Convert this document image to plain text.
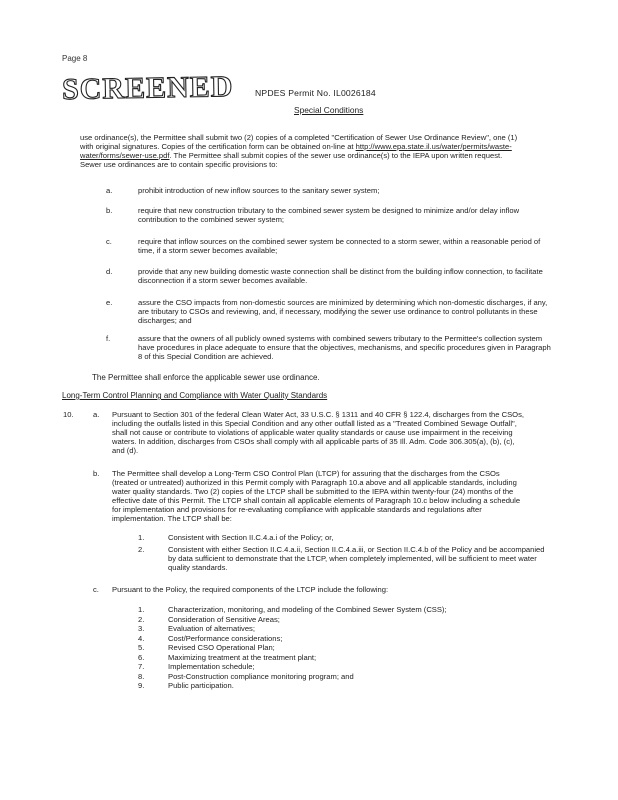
Page 8
SCREENED NPDES Permit No. IL0026184
Special Conditions
use ordinance(s), the Permittee shall submit two (2) copies of a completed "Certification of Sewer Use Ordinance Review", one (1)
with original signatures. Copies of the certification form can be obtained on-line at http://www.epa.state.il.us/water/permits/waste-
water/forms/sewer-use.pdf. The Permittee shall submit copies of the sewer use ordinance(s) to the IEPA upon written request.
Sewer use ordinances are to contain specific provisions to:
a.	prohibit introduction of new inflow sources to the sanitary sewer system;
b.	require that new construction tributary to the combined sewer system be designed to minimize and/or delay inflow
contribution to the combined sewer system;
c.	require that inflow sources on the combined sewer system be connected to a storm sewer, within a reasonable period of
time, if a storm sewer becomes available;
d.	provide that any new building domestic waste connection shall be distinct from the building inflow connection, to facilitate
disconnection if a storm sewer becomes available.
e.	assure the CSO impacts from non-domestic sources are minimized by determining which non-domestic discharges, if any,
are tributary to CSOs and reviewing, and, if necessary, modifying the sewer use ordinance to control pollutants in these
discharges; and
f.	assure that the owners of all publicly owned systems with combined sewers tributary to the Permittee's collection system
have procedures in place adequate to ensure that the objectives, mechanisms, and specific procedures given in Paragraph
8 of this Special Condition are achieved.
The Permittee shall enforce the applicable sewer use ordinance.
Long-Term Control Planning and Compliance with Water Quality Standards
10.	a.	Pursuant to Section 301 of the federal Clean Water Act, 33 U.S.C. § 1311 and 40 CFR § 122.4, discharges from the CSOs,
including the outfalls listed in this Special Condition and any other outfall listed as a "Treated Combined Sewage Outfall",
shall not cause or contribute to violations of applicable water quality standards or cause use impairment in the receiving
waters. In addition, discharges from CSOs shall comply with all applicable parts of 35 Ill. Adm. Code 306.305(a), (b), (c),
and (d).
b.	The Permittee shall develop a Long-Term CSO Control Plan (LTCP) for assuring that the discharges from the CSOs
(treated or untreated) authorized in this Permit comply with Paragraph 10.a above and all applicable standards, including
water quality standards. Two (2) copies of the LTCP shall be submitted to the IEPA within twenty-four (24) months of the
effective date of this Permit. The LTCP shall contain all applicable elements of Paragraph 10.c below including a schedule
for implementation and provisions for re-evaluating compliance with applicable standards and regulations after
implementation. The LTCP shall be:
1.	Consistent with Section II.C.4.a.i of the Policy; or,
2.	Consistent with either Section II.C.4.a.ii, Section II.C.4.a.iii, or Section II.C.4.b of the Policy and be accompanied
by data sufficient to demonstrate that the LTCP, when completely implemented, will be sufficient to meet water
quality standards.
c.	Pursuant to the Policy, the required components of the LTCP include the following:
1.	Characterization, monitoring, and modeling of the Combined Sewer System (CSS);
2.	Consideration of Sensitive Areas;
3.	Evaluation of alternatives;
4.	Cost/Performance considerations;
5.	Revised CSO Operational Plan;
6.	Maximizing treatment at the treatment plant;
7.	Implementation schedule;
8.	Post-Construction compliance monitoring program; and
9.	Public participation.
